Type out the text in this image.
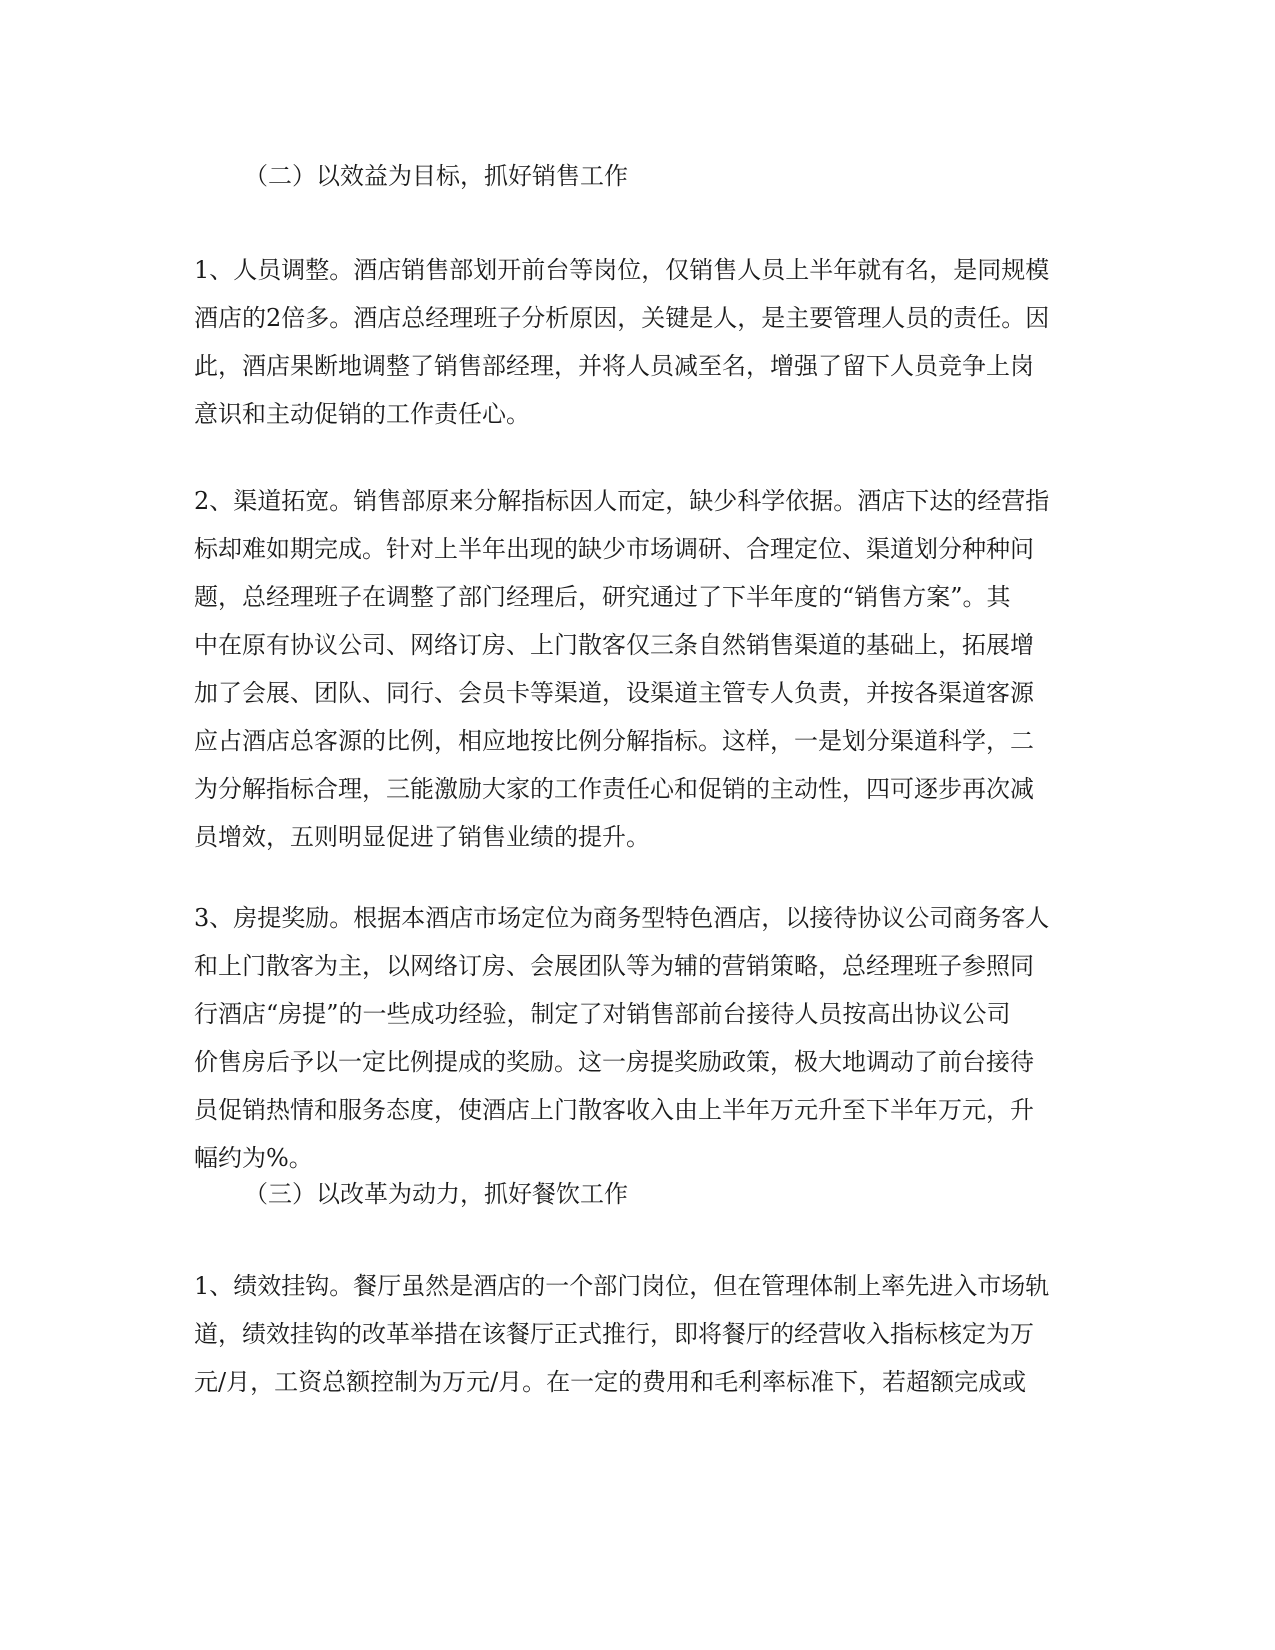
（二）以效益为目标，抓好销售工作
1、人员调整。酒店销售部划开前台等岗位，仅销售人员上半年就有名，是同规模
酒店的2倍多。酒店总经理班子分析原因，关键是人，是主要管理人员的责任。因
此，酒店果断地调整了销售部经理，并将人员减至名，增强了留下人员竞争上岗
意识和主动促销的工作责任心。
2、渠道拓宽。销售部原来分解指标因人而定，缺少科学依据。酒店下达的经营指
标却难如期完成。针对上半年出现的缺少市场调研、合理定位、渠道划分种种问
题，总经理班子在调整了部门经理后，研究通过了下半年度的“销售方案”。其
中在原有协议公司、网络订房、上门散客仅三条自然销售渠道的基础上，拓展增
加了会展、团队、同行、会员卡等渠道，设渠道主管专人负责，并按各渠道客源
应占酒店总客源的比例，相应地按比例分解指标。这样，一是划分渠道科学，二
为分解指标合理，三能激励大家的工作责任心和促销的主动性，四可逐步再次减
员增效，五则明显促进了销售业绩的提升。
3、房提奖励。根据本酒店市场定位为商务型特色酒店，以接待协议公司商务客人
和上门散客为主，以网络订房、会展团队等为辅的营销策略，总经理班子参照同
行酒店“房提”的一些成功经验，制定了对销售部前台接待人员按高出协议公司
价售房后予以一定比例提成的奖励。这一房提奖励政策，极大地调动了前台接待
员促销热情和服务态度，使酒店上门散客收入由上半年万元升至下半年万元，升
幅约为%。
（三）以改革为动力，抓好餐饮工作
1、绩效挂钩。餐厅虽然是酒店的一个部门岗位，但在管理体制上率先进入市场轨
道，绩效挂钩的改革举措在该餐厅正式推行，即将餐厅的经营收入指标核定为万
元/月，工资总额控制为万元/月。在一定的费用和毛利率标准下，若超额完成或
